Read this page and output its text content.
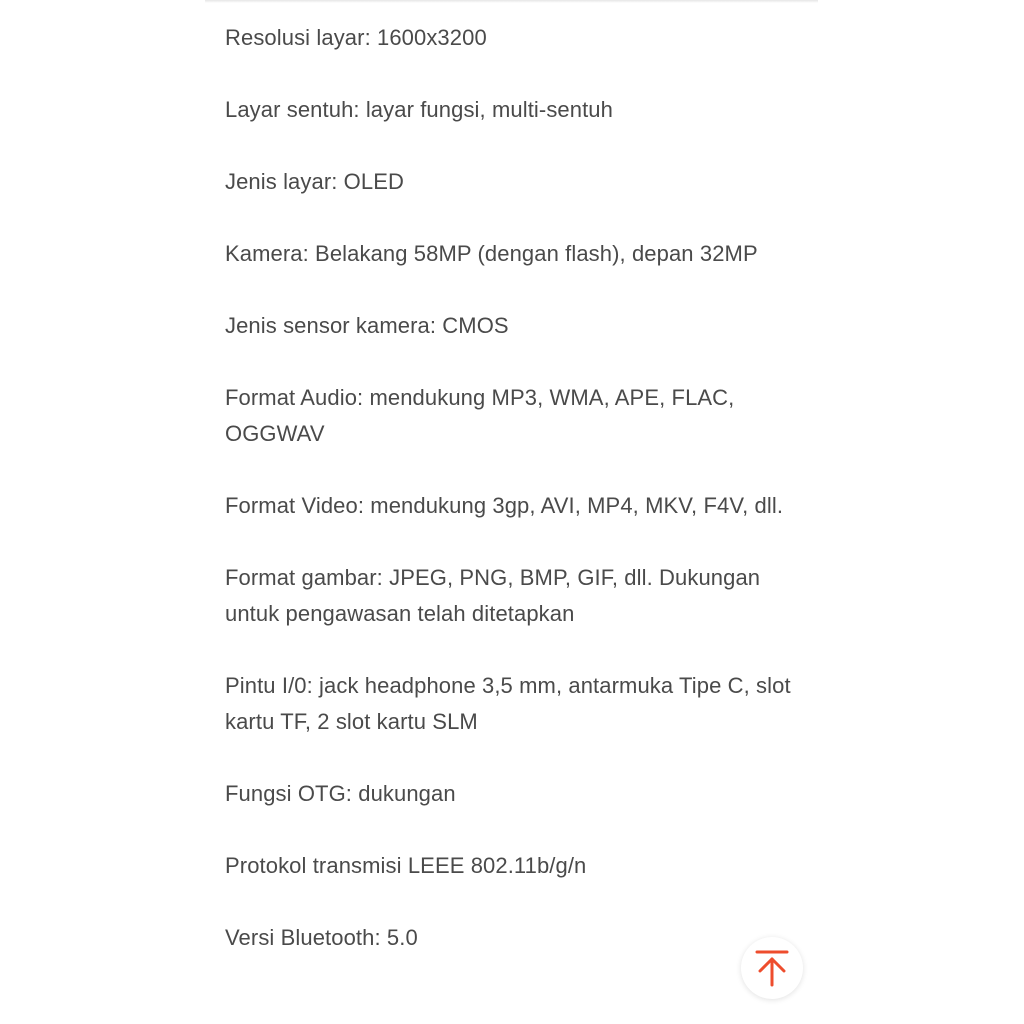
Resolusi layar: 1600x3200
Layar sentuh: layar fungsi, multi-sentuh
Jenis layar: OLED
Kamera: Belakang 58MP (dengan flash), depan 32MP
Jenis sensor kamera: CMOS
Format Audio: mendukung MP3, WMA, APE, FLAC, OGGWAV
Format Video: mendukung 3gp, AVI, MP4, MKV, F4V, dll.
Format gambar: JPEG, PNG, BMP, GIF, dll. Dukungan untuk pengawasan telah ditetapkan
Pintu I/0: jack headphone 3,5 mm, antarmuka Tipe C, slot kartu TF, 2 slot kartu SLM
Fungsi OTG: dukungan
Protokol transmisi LEEE 802.11b/g/n
Versi Bluetooth: 5.0
